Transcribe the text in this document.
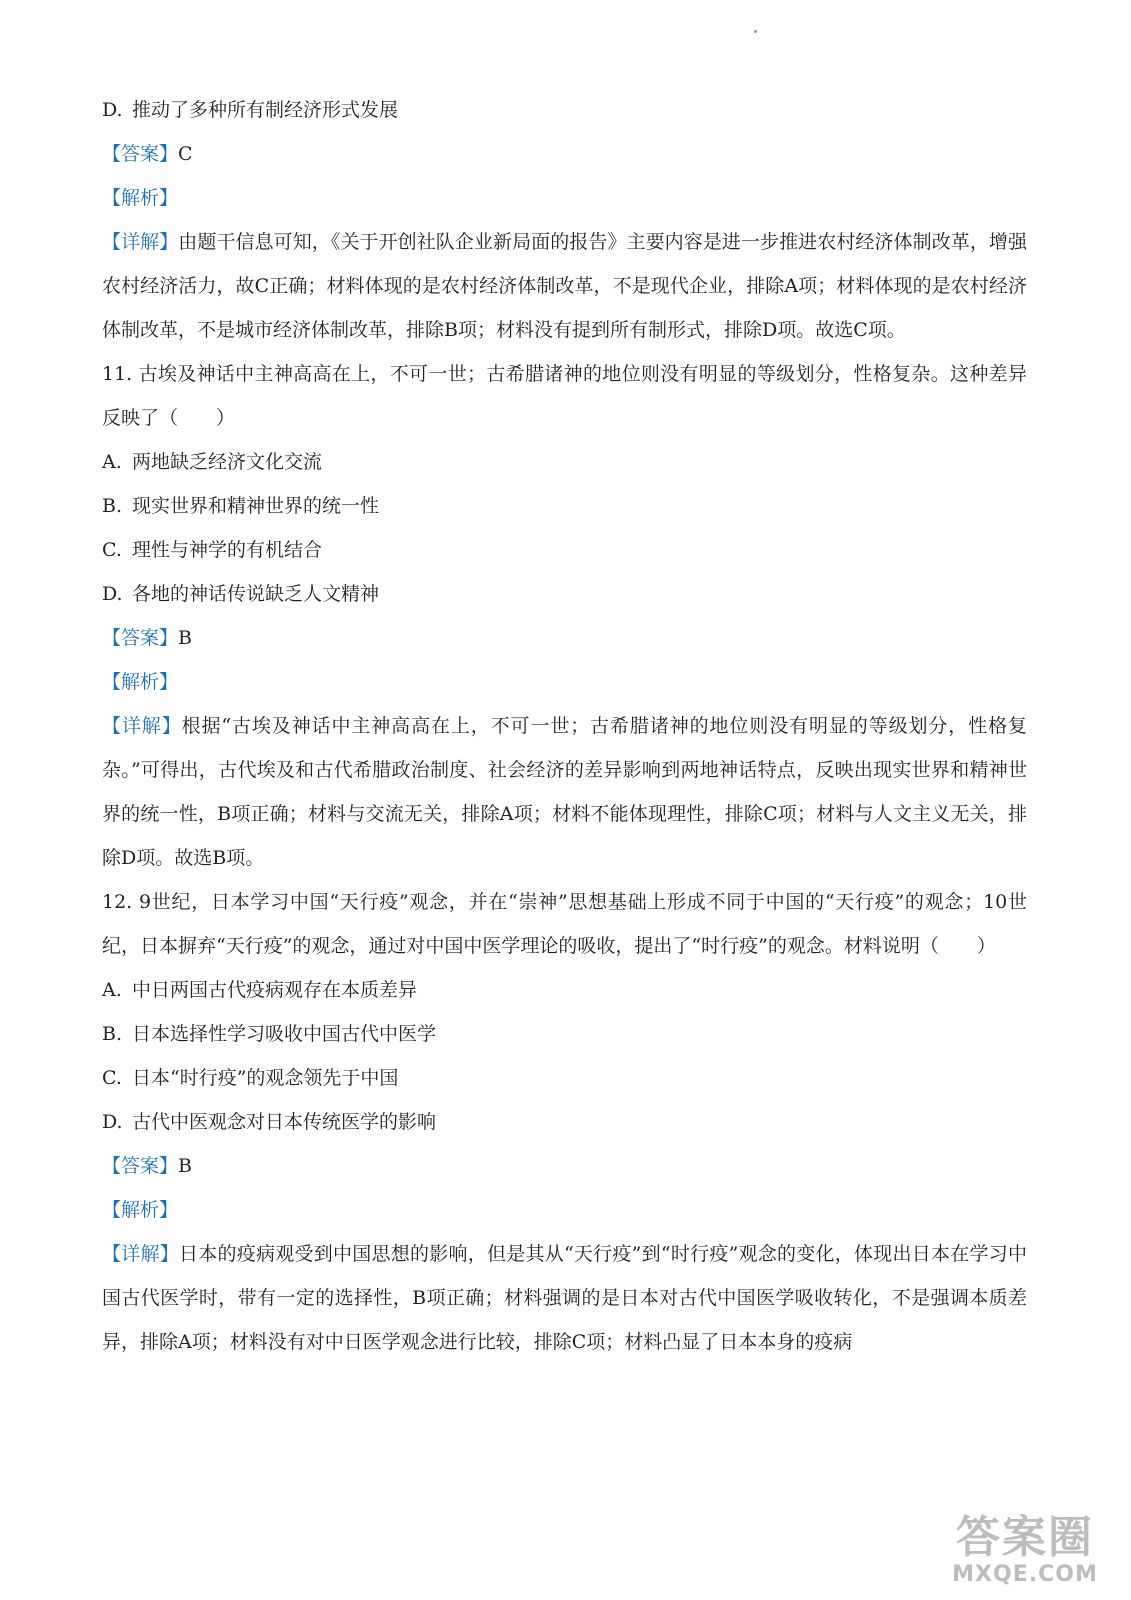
D. 推动了多种所有制经济形式发展
【答案】C
【解析】
【详解】由题干信息可知，《关于开创社队企业新局面的报告》主要内容是进一步推进农村经济体制改革，增强农村经济活力，故C正确；材料体现的是农村经济体制改革，不是现代企业，排除A项；材料体现的是农村经济体制改革，不是城市经济体制改革，排除B项；材料没有提到所有制形式，排除D项。故选C项。
11. 古埃及神话中主神高高在上，不可一世；古希腊诸神的地位则没有明显的等级划分，性格复杂。这种差异反映了（　　）
A. 两地缺乏经济文化交流
B. 现实世界和精神世界的统一性
C. 理性与神学的有机结合
D. 各地的神话传说缺乏人文精神
【答案】B
【解析】
【详解】根据“古埃及神话中主神高高在上，不可一世；古希腊诸神的地位则没有明显的等级划分，性格复杂。”可得出，古代埃及和古代希腊政治制度、社会经济的差异影响到两地神话特点，反映出现实世界和精神世界的统一性，B项正确；材料与交流无关，排除A项；材料不能体现理性，排除C项；材料与人文主义无关，排除D项。故选B项。
12. 9世纪，日本学习中国“天行疫”观念，并在“崇神”思想基础上形成不同于中国的“天行疫”的观念；10世纪，日本摒弃“天行疫”的观念，通过对中国中医学理论的吸收，提出了“时行疫”的观念。材料说明（　　）
A. 中日两国古代疫病观存在本质差异
B. 日本选择性学习吸收中国古代中医学
C. 日本“时行疫”的观念领先于中国
D. 古代中医观念对日本传统医学的影响
【答案】B
【解析】
【详解】日本的疫病观受到中国思想的影响，但是其从“天行疫”到“时行疫”观念的变化，体现出日本在学习中国古代医学时，带有一定的选择性，B项正确；材料强调的是日本对古代中国医学吸收转化，不是强调本质差异，排除A项；材料没有对中日医学观念进行比较，排除C项；材料凸显了日本本身的疫病
答案圈
MXQE.COM
